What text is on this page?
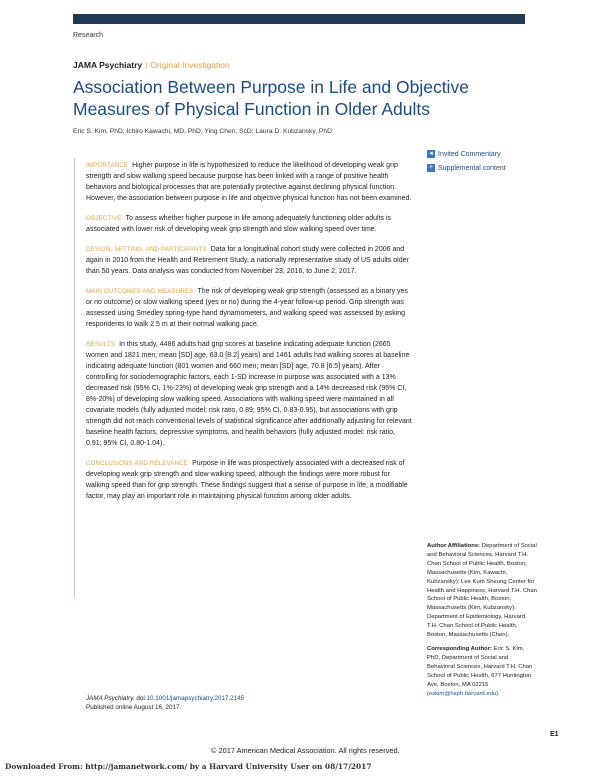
Research
JAMA Psychiatry | Original Investigation
Association Between Purpose in Life and Objective Measures of Physical Function in Older Adults
Eric S. Kim, PhD; Ichiro Kawachi, MD, PhD; Ying Chen, ScD; Laura D. Kubzansky, PhD

IMPORTANCE Higher purpose in life is hypothesized to reduce the likelihood of developing weak grip strength and slow walking speed because purpose has been linked with a range of positive health behaviors and biological processes that are potentially protective against declining physical function. However, the association between purpose in life and objective physical function has not been examined.

OBJECTIVE To assess whether higher purpose in life among adequately functioning older adults is associated with lower risk of developing weak grip strength and slow walking speed over time.

DESIGN, SETTING, AND PARTICIPANTS Data for a longitudinal cohort study were collected in 2006 and again in 2010 from the Health and Retirement Study, a nationally representative study of US adults older than 50 years. Data analysis was conducted from November 23, 2016, to June 2, 2017.

MAIN OUTCOMES AND MEASURES The risk of developing weak grip strength (assessed as a binary yes or no outcome) or slow walking speed (yes or no) during the 4-year follow-up period. Grip strength was assessed using Smedley spring-type hand dynamometers, and walking speed was assessed by asking respondents to walk 2.5 m at their normal walking pace.

RESULTS In this study, 4486 adults had grip scores at baseline indicating adequate function (2665 women and 1821 men; mean [SD] age, 63.0 [8.2] years) and 1461 adults had walking scores at baseline indicating adequate function (801 women and 660 men; mean [SD] age, 70.8 [6.5] years). After controlling for sociodemographic factors, each 1-SD increase in purpose was associated with a 13% decreased risk (95% CI, 1%-23%) of developing weak grip strength and a 14% decreased risk (95% CI, 8%-20%) of developing slow walking speed. Associations with walking speed were maintained in all covariate models (fully adjusted model: risk ratio, 0.89; 95% CI, 0.83-0.95), but associations with grip strength did not reach conventional levels of statistical significance after additionally adjusting for relevant baseline health factors, depressive symptoms, and health behaviors (fully adjusted model: risk ratio, 0.91; 95% CI, 0.80-1.04).

CONCLUSIONS AND RELEVANCE Purpose in life was prospectively associated with a decreased risk of developing weak grip strength and slow walking speed, although the findings were more robust for walking speed than for grip strength. These findings suggest that a sense of purpose in life, a modifiable factor, may play an important role in maintaining physical function among older adults.

JAMA Psychiatry. doi:10.1001/jamapsychiatry.2017.2145
Published online August 16, 2017.
◂ Invited Commentary
+ Supplemental content

Author Affiliations: Department of Social and Behavioral Sciences, Harvard T.H. Chan School of Public Health, Boston, Massachusetts (Kim, Kawachi, Kubzansky); Lee Kum Sheung Center for Health and Happiness, Harvard T.H. Chan School of Public Health, Boston, Massachusetts (Kim, Kubzansky); Department of Epidemiology, Harvard T.H. Chan School of Public Health, Boston, Massachusetts (Chen).

Corresponding Author: Eric S. Kim, PhD, Department of Social and Behavioral Sciences, Harvard T.H. Chan School of Public Health, 677 Huntington Ave, Boston, MA 02215 (eskim@hsph.harvard.edu).

E1
© 2017 American Medical Association. All rights reserved.
Downloaded From: http://jamanetwork.com/ by a Harvard University User on 08/17/2017
